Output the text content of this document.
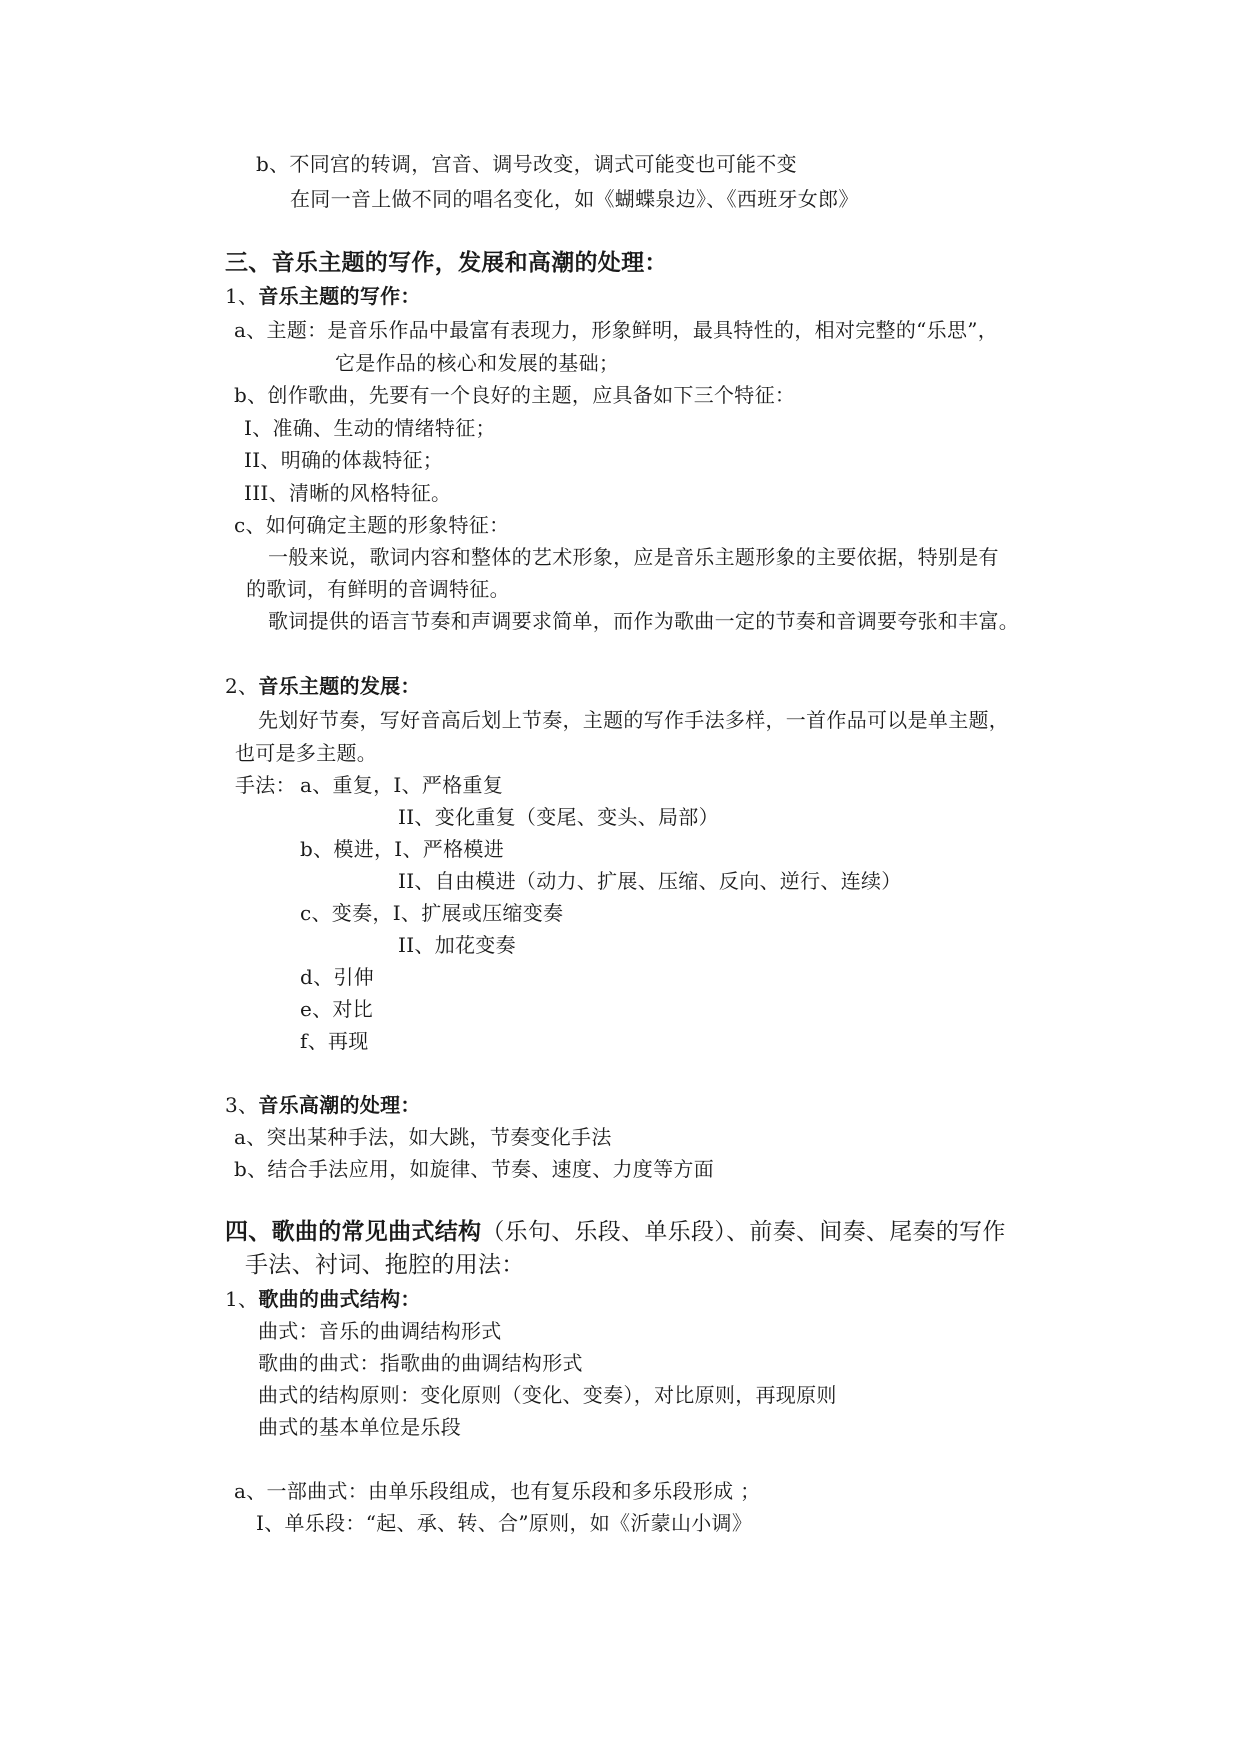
b、不同宫的转调，宫音、调号改变，调式可能变也可能不变
在同一音上做不同的唱名变化，如《蝴蝶泉边》、《西班牙女郎》
三、音乐主题的写作，发展和高潮的处理：
1、音乐主题的写作：
a、主题：是音乐作品中最富有表现力，形象鲜明，最具特性的，相对完整的“乐思”，
它是作品的核心和发展的基础；
b、创作歌曲，先要有一个良好的主题，应具备如下三个特征：
I、准确、生动的情绪特征；
II、明确的体裁特征；
III、清晰的风格特征。
c、如何确定主题的形象特征：
一般来说，歌词内容和整体的艺术形象，应是音乐主题形象的主要依据，特别是有
的歌词，有鲜明的音调特征。
歌词提供的语言节奏和声调要求简单，而作为歌曲一定的节奏和音调要夸张和丰富。
2、音乐主题的发展：
先划好节奏，写好音高后划上节奏，主题的写作手法多样，一首作品可以是单主题，
也可是多主题。
手法： a、重复，I、严格重复
II、变化重复（变尾、变头、局部）
b、模进，I、严格模进
II、自由模进（动力、扩展、压缩、反向、逆行、连续）
c、变奏，I、扩展或压缩变奏
II、加花变奏
d、引伸
e、对比
f、再现
3、音乐高潮的处理：
a、突出某种手法，如大跳，节奏变化手法
b、结合手法应用，如旋律、节奏、速度、力度等方面
四、歌曲的常见曲式结构（乐句、乐段、单乐段）、前奏、间奏、尾奏的写作
手法、衬词、拖腔的用法：
1、歌曲的曲式结构：
曲式：音乐的曲调结构形式
歌曲的曲式：指歌曲的曲调结构形式
曲式的结构原则：变化原则（变化、变奏），对比原则，再现原则
曲式的基本单位是乐段
a、一部曲式：由单乐段组成，也有复乐段和多乐段形成 ；
I、单乐段：“起、承、转、合”原则，如《沂蒙山小调》
